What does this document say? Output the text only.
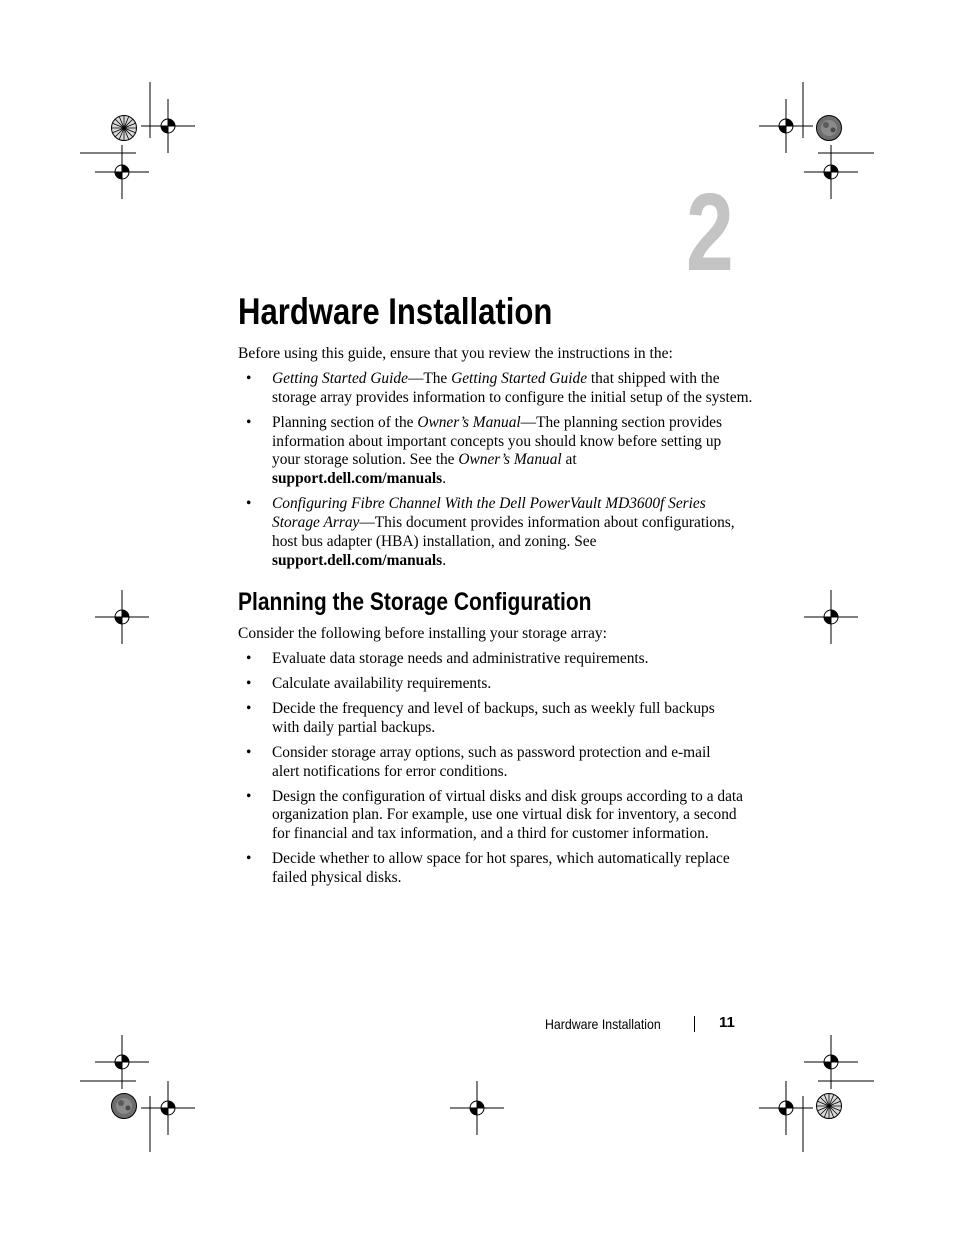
2
Hardware Installation

Before using this guide, ensure that you review the instructions in the:

• Getting Started Guide—The Getting Started Guide that shipped with the
storage array provides information to configure the initial setup of the system.
• Planning section of the Owner’s Manual—The planning section provides
information about important concepts you should know before setting up
your storage solution. See the Owner’s Manual at
support.dell.com/manuals.
• Configuring Fibre Channel With the Dell PowerVault MD3600f Series
Storage Array—This document provides information about configurations,
host bus adapter (HBA) installation, and zoning. See
support.dell.com/manuals.
Planning the Storage Configuration

Consider the following before installing your storage array:

• Evaluate data storage needs and administrative requirements.
• Calculate availability requirements.
• Decide the frequency and level of backups, such as weekly full backups
with daily partial backups.
• Consider storage array options, such as password protection and e-mail
alert notifications for error conditions.
• Design the configuration of virtual disks and disk groups according to a data
organization plan. For example, use one virtual disk for inventory, a second
for financial and tax information, and a third for customer information.
• Decide whether to allow space for hot spares, which automatically replace
failed physical disks.
Hardware Installation	11
